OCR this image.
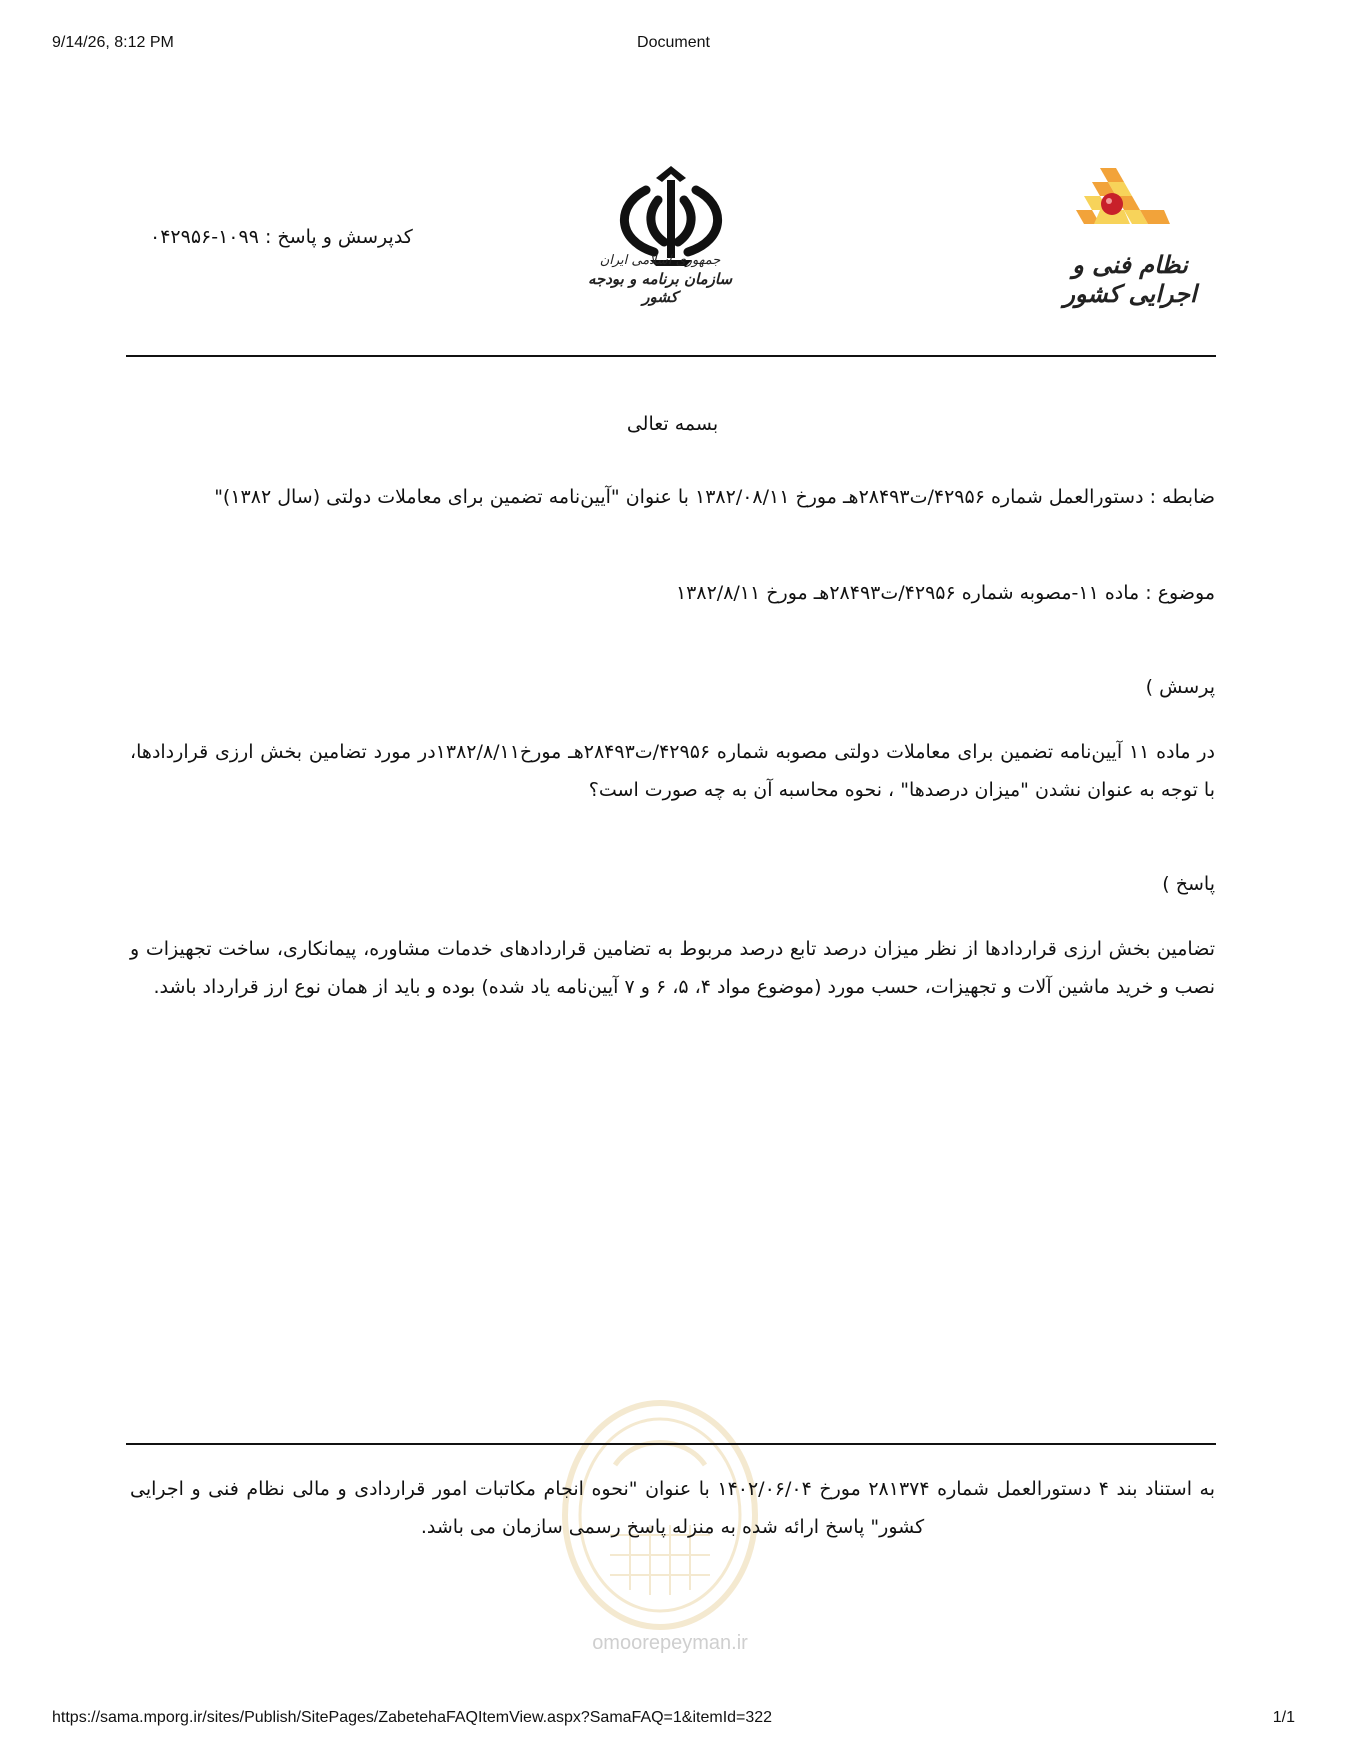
9/14/26, 8:12 PM	Document
کدپرسش و پاسخ : ۱۰۹۹-۰۴۲۹۵۶
جمهوری اسلامی ایران
سازمان برنامه و بودجه کشور
نظام فنی و اجرایی کشور
بسمه تعالی
ضابطه : دستورالعمل شماره ۴۲۹۵۶/ت۲۸۴۹۳هـ مورخ ۱۳۸۲/۰۸/۱۱ با عنوان "آیین‌نامه تضمین برای معاملات دولتی (سال ۱۳۸۲)"
موضوع : ماده ۱۱-مصوبه شماره ۴۲۹۵۶/ت۲۸۴۹۳هـ مورخ ۱۳۸۲/۸/۱۱
پرسش )
در ماده ۱۱ آیین‌نامه تضمین برای معاملات دولتی مصوبه شماره ۴۲۹۵۶/ت۲۸۴۹۳هـ مورخ۱۳۸۲/۸/۱۱در مورد تضامین بخش ارزی قراردادها، با توجه به عنوان نشدن "میزان درصدها" ، نحوه محاسبه آن به چه صورت است؟
پاسخ )
تضامین بخش ارزی قراردادها از نظر میزان درصد تابع درصد مربوط به تضامین قراردادهای خدمات مشاوره، پیمانکاری، ساخت تجهیزات و نصب و خرید ماشین آلات و تجهیزات، حسب مورد (موضوع مواد ۴، ۵، ۶ و ۷ آیین‌نامه یاد شده) بوده و باید از همان نوع ارز قرارداد باشد.
omoorepeyman.ir
به استناد بند ۴ دستورالعمل شماره ۲۸۱۳۷۴ مورخ ۱۴۰۲/۰۶/۰۴ با عنوان "نحوه انجام مکاتبات امور قراردادی و مالی نظام فنی و اجرایی کشور" پاسخ ارائه شده به منزله پاسخ رسمی سازمان می باشد.
https://sama.mporg.ir/sites/Publish/SitePages/ZabetehaFAQItemView.aspx?SamaFAQ=1&itemId=322	1/1
